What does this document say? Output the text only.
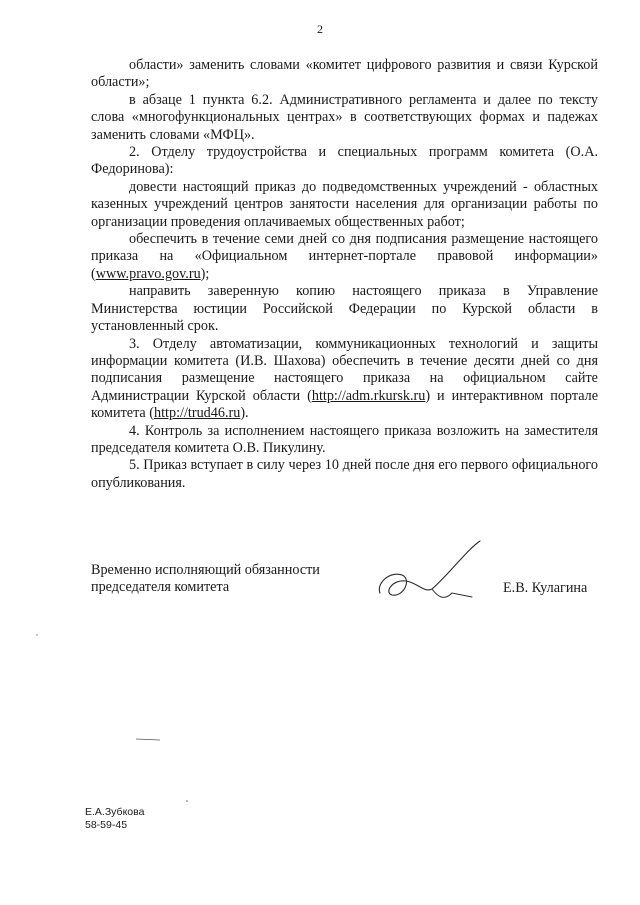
2

области» заменить словами «комитет цифрового развития и связи Курской области»;

в абзаце 1 пункта 6.2. Административного регламента и далее по тексту слова «многофункциональных центрах» в соответствующих формах и падежах заменить словами «МФЦ».

2. Отделу трудоустройства и специальных программ комитета (О.А. Федоринова):

довести настоящий приказ до подведомственных учреждений - областных казенных учреждений центров занятости населения для организации работы по организации проведения оплачиваемых общественных работ;

обеспечить в течение семи дней со дня подписания размещение настоящего приказа на «Официальном интернет-портале правовой информации» (www.pravo.gov.ru);

направить заверенную копию настоящего приказа в Управление Министерства юстиции Российской Федерации по Курской области в установленный срок.

3. Отделу автоматизации, коммуникационных технологий и защиты информации комитета (И.В. Шахова) обеспечить в течение десяти дней со дня подписания размещение настоящего приказа на официальном сайте Администрации Курской области (http://adm.rkursk.ru) и интерактивном портале комитета (http://trud46.ru).

4. Контроль за исполнением настоящего приказа возложить на заместителя председателя комитета О.В. Пикулину.

5. Приказ вступает в силу через 10 дней после дня его первого официального опубликования.

Временно исполняющий обязанности
председателя комитета	Е.В. Кулагина
Е.А.Зубкова
58-59-45
